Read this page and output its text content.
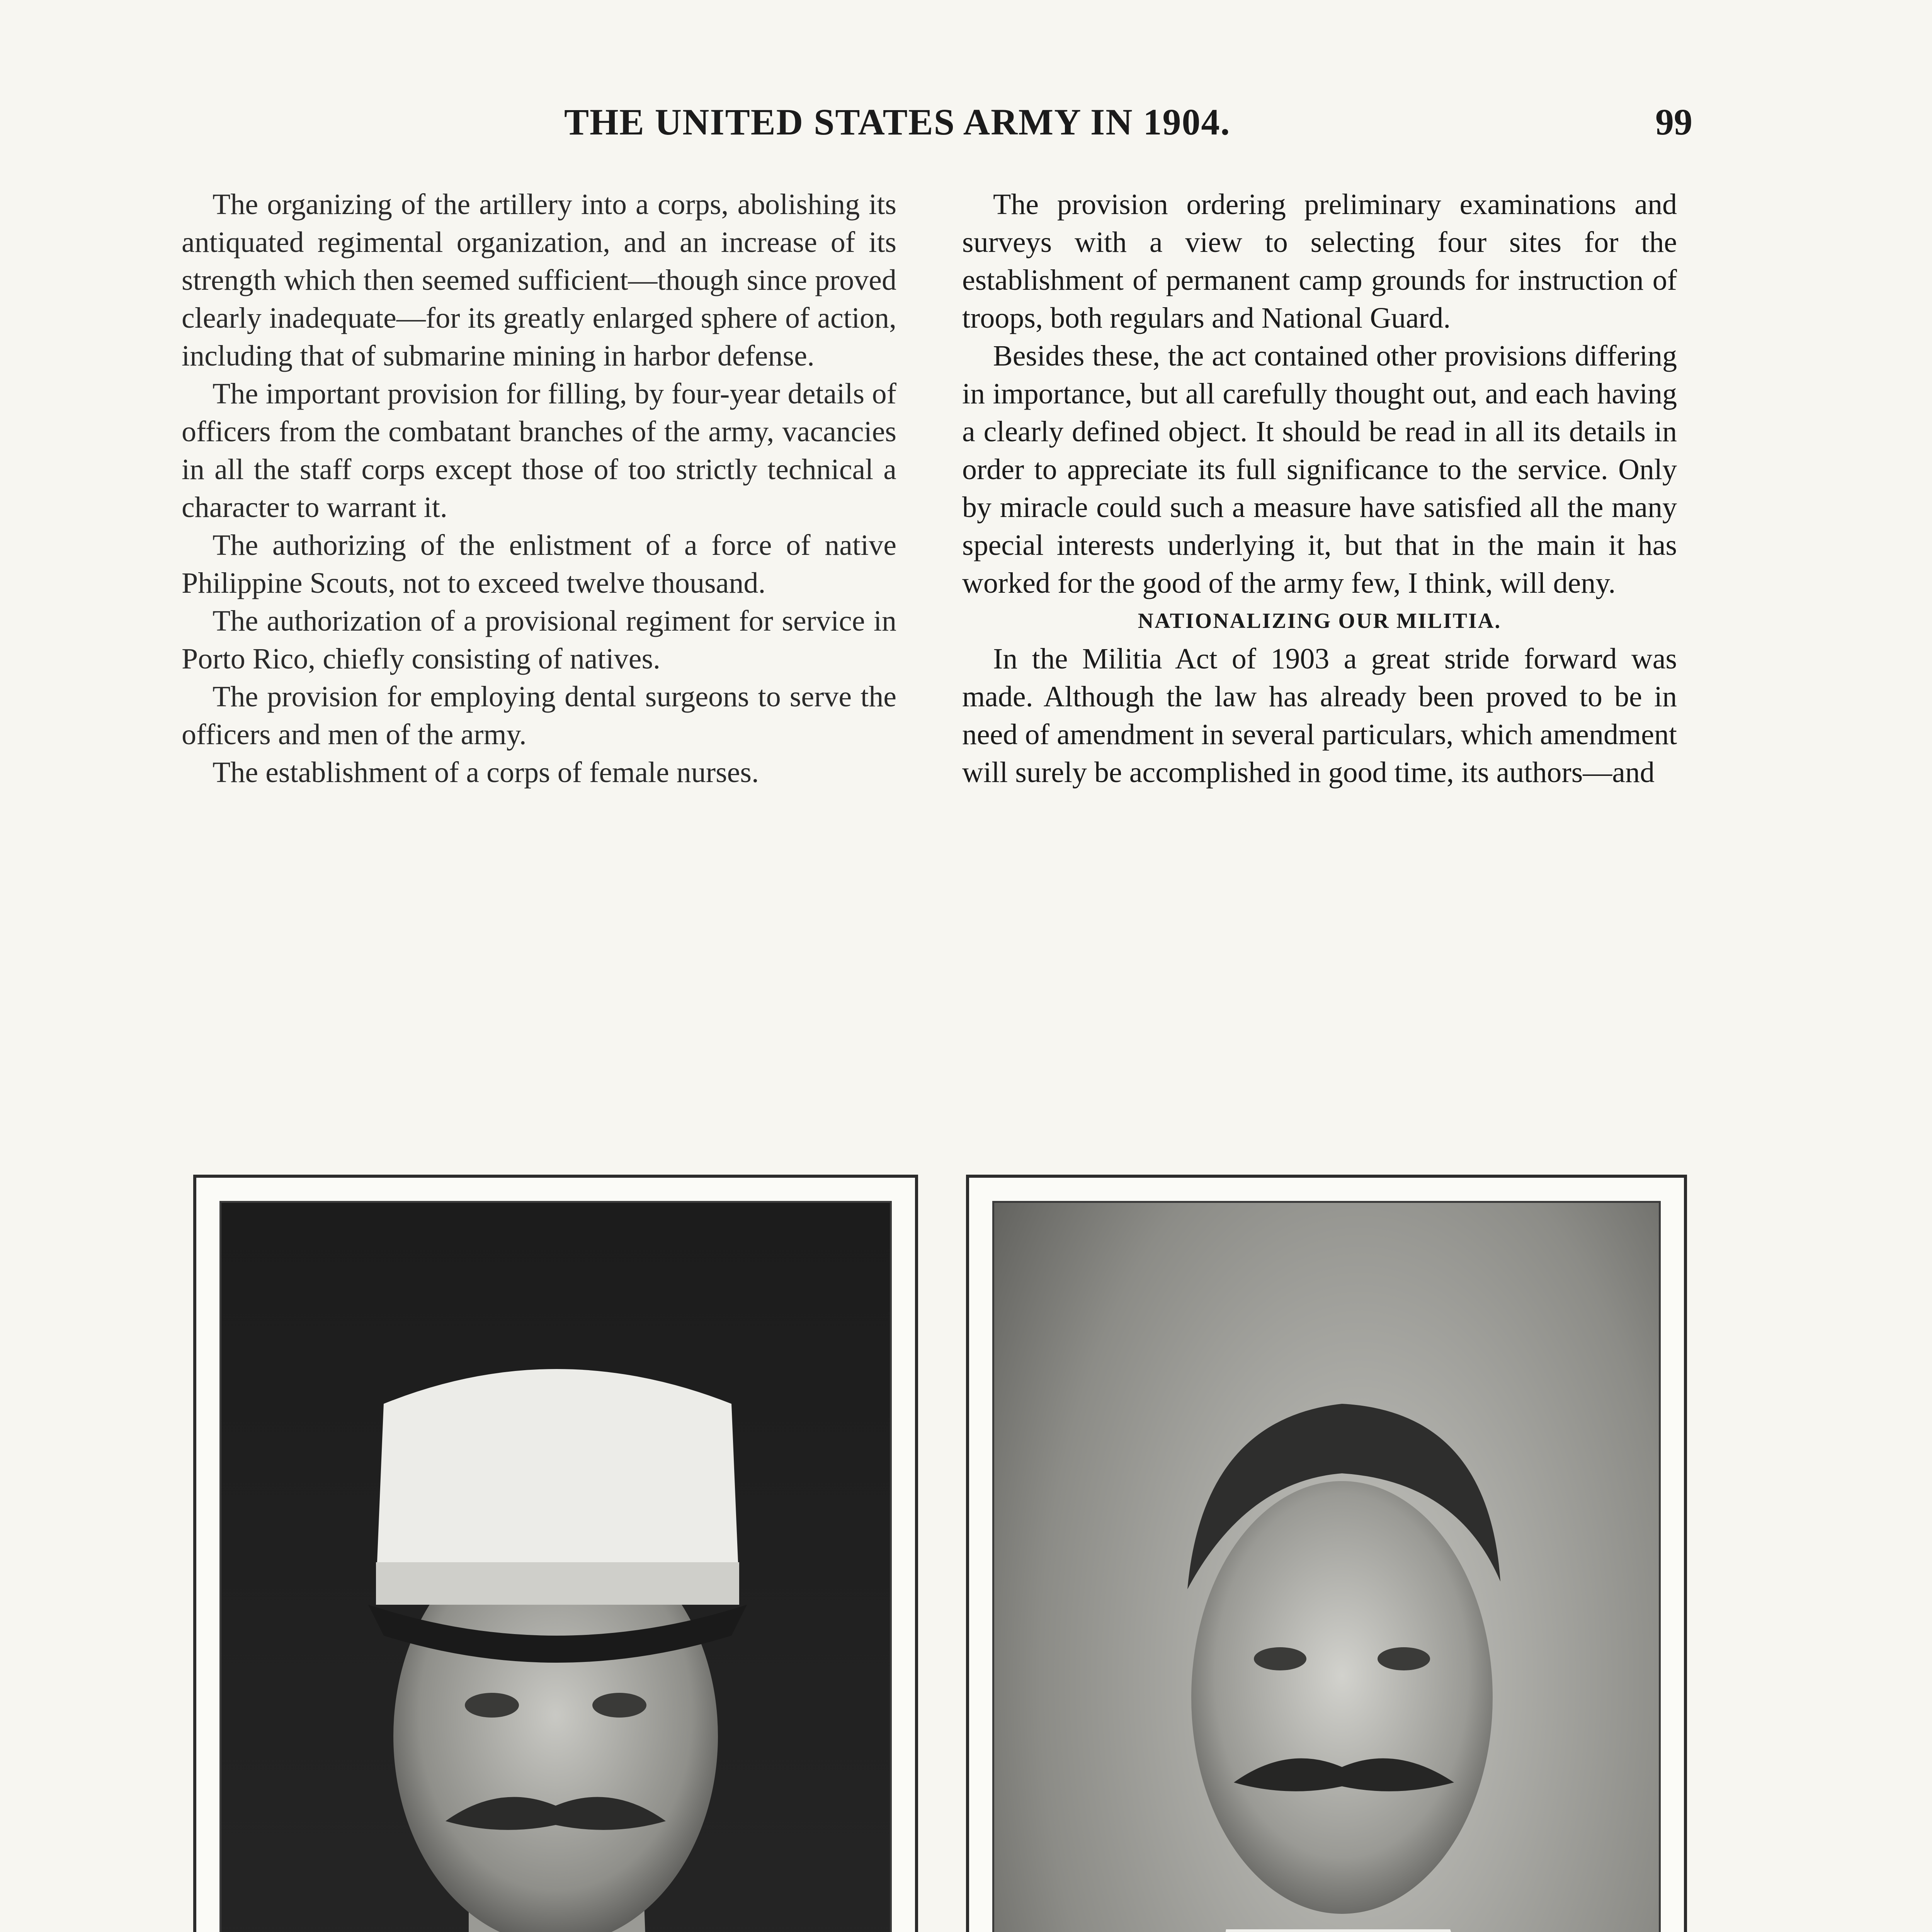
THE UNITED STATES ARMY IN 1904.	99

The organizing of the artillery into a corps, abolishing its antiquated regimental organization, and an increase of its strength which then seemed sufficient—though since proved clearly inadequate—for its greatly enlarged sphere of action, including that of submarine mining in harbor defense.

The important provision for filling, by four-year details of officers from the combatant branches of the army, vacancies in all the staff corps except those of too strictly technical a character to warrant it.

The authorizing of the enlistment of a force of native Philippine Scouts, not to exceed twelve thousand.

The authorization of a provisional regiment for service in Porto Rico, chiefly consisting of natives.

The provision for employing dental surgeons to serve the officers and men of the army.

The establishment of a corps of female nurses.

The provision ordering preliminary examinations and surveys with a view to selecting four sites for the establishment of permanent camp grounds for instruction of troops, both regulars and National Guard.

Besides these, the act contained other provisions differing in importance, but all carefully thought out, and each having a clearly defined object. It should be read in all its details in order to appreciate its full significance to the service. Only by miracle could such a measure have satisfied all the many special interests underlying it, but that in the main it has worked for the good of the army few, I think, will deny.

NATIONALIZING OUR MILITIA.

In the Militia Act of 1903 a great stride forward was made. Although the law has already been proved to be in need of amendment in several particulars, which amendment will surely be accomplished in good time, its authors—and
